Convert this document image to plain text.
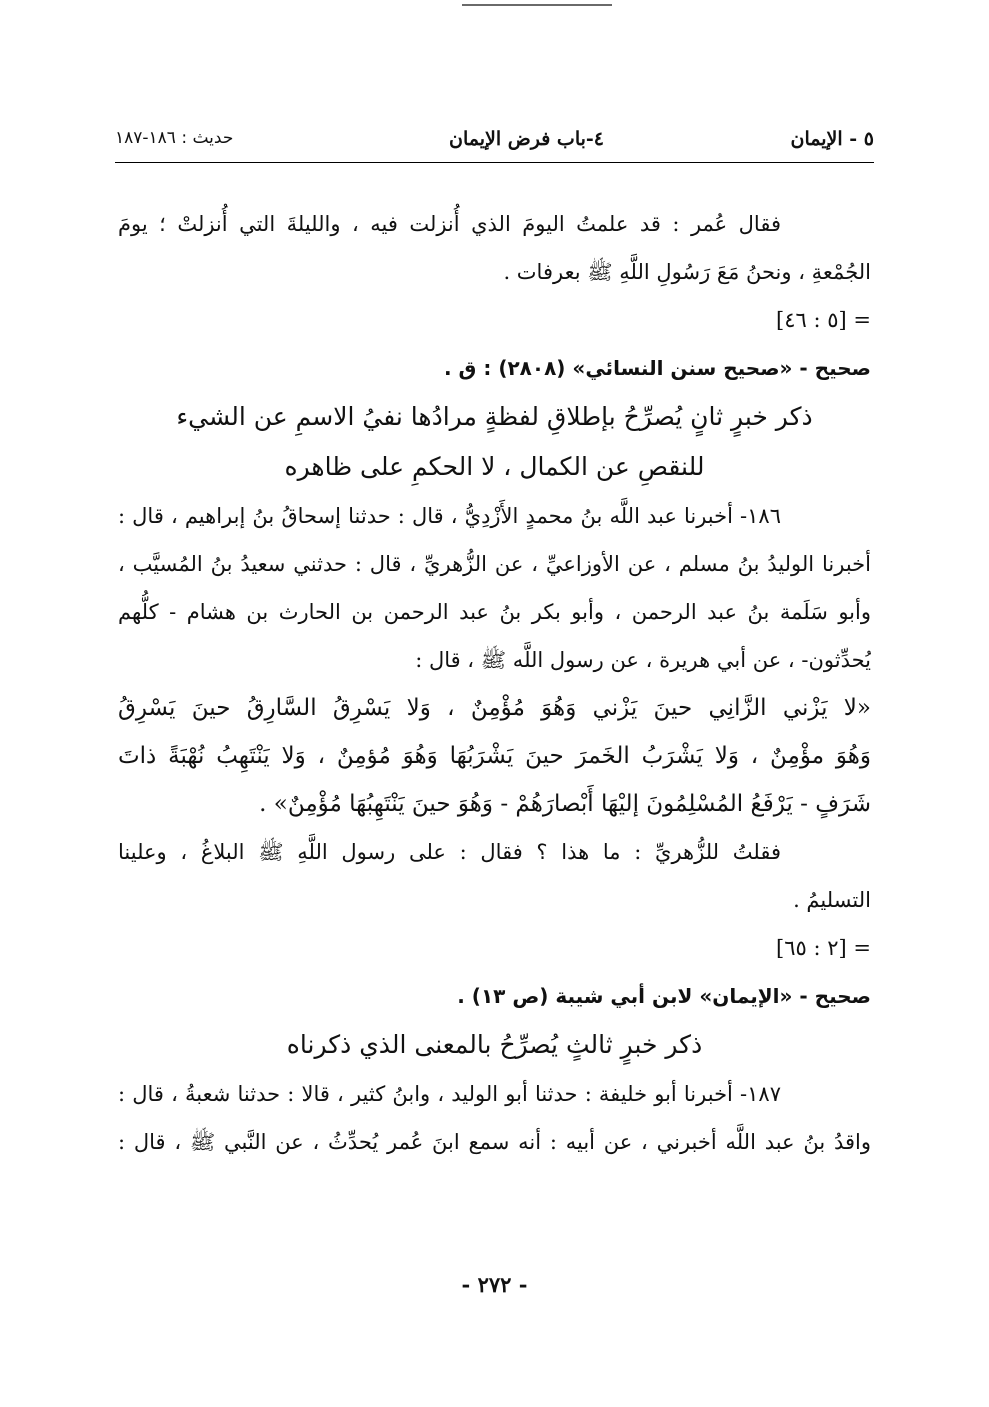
٥ - الإيمان
٤-باب فرض الإيمان
حديث : ١٨٦-١٨٧
فقال عُمر : قد علمتُ اليومَ الذي أُنزلت فيه ، والليلةَ التي أُنزلتْ ؛ يومَ
الجُمْعةِ ، ونحنُ مَعَ رَسُولِ اللَّهِ ﷺ بعرفات .
= [٥ : ٤٦]
صحيح - «صحيح سنن النسائي» (٢٨٠٨) : ق .
ذكر خبرٍ ثانٍ يُصرِّحُ بإطلاقِ لفظةٍ مرادُها نفيُ الاسمِ عن الشيء
للنقصِ عن الكمال ، لا الحكمِ على ظاهره
١٨٦- أخبرنا عبد اللَّه بنُ محمدٍ الأَزْدِيُّ ، قال : حدثنا إسحاقُ بنُ إبراهيم ، قال :
أخبرنا الوليدُ بنُ مسلم ، عن الأوزاعيِّ ، عن الزُّهريِّ ، قال : حدثني سعيدُ بنُ المُسيَّب ،
وأبو سَلَمة بنُ عبد الرحمن ، وأبو بكر بنُ عبد الرحمن بن الحارث بن هشام - كلُّهم
يُحدِّثون- ، عن أبي هريرة ، عن رسول اللَّه ﷺ ، قال :
«لا يَزْني الزَّانِي حينَ يَزْني وَهُوَ مُؤْمِنٌ ، وَلا يَسْرِقُ السَّارِقُ حينَ يَسْرِقُ
وَهُوَ مؤْمِنٌ ، وَلا يَشْرَبُ الخَمرَ حينَ يَشْرَبُهَا وَهُوَ مُؤمِنٌ ، وَلا يَنْتَهِبُ نُهْبَةً ذاتَ
شَرَفٍ - يَرْفَعُ المُسْلِمُونَ إليْهَا أَبْصارَهُمْ - وَهُوَ حينَ يَنْتَهِبُهَا مُؤْمِنٌ» .
فقلتُ للزُّهريِّ : ما هذا ؟ فقال : على رسول اللَّهِ ﷺ البلاغُ ، وعلينا
التسليمُ .
= [٢ : ٦٥]
صحيح - «الإيمان» لابن أبي شيبة (ص ١٣) .
ذكر خبرٍ ثالثٍ يُصرِّحُ بالمعنى الذي ذكرناه
١٨٧- أخبرنا أبو خليفة : حدثنا أبو الوليد ، وابنُ كثير ، قالا : حدثنا شعبةُ ، قال :
واقدُ بنُ عبد اللَّه أخبرني ، عن أبيه : أنه سمع ابنَ عُمر يُحدِّثُ ، عن النَّبي ﷺ ، قال :
- ٢٧٢ -
